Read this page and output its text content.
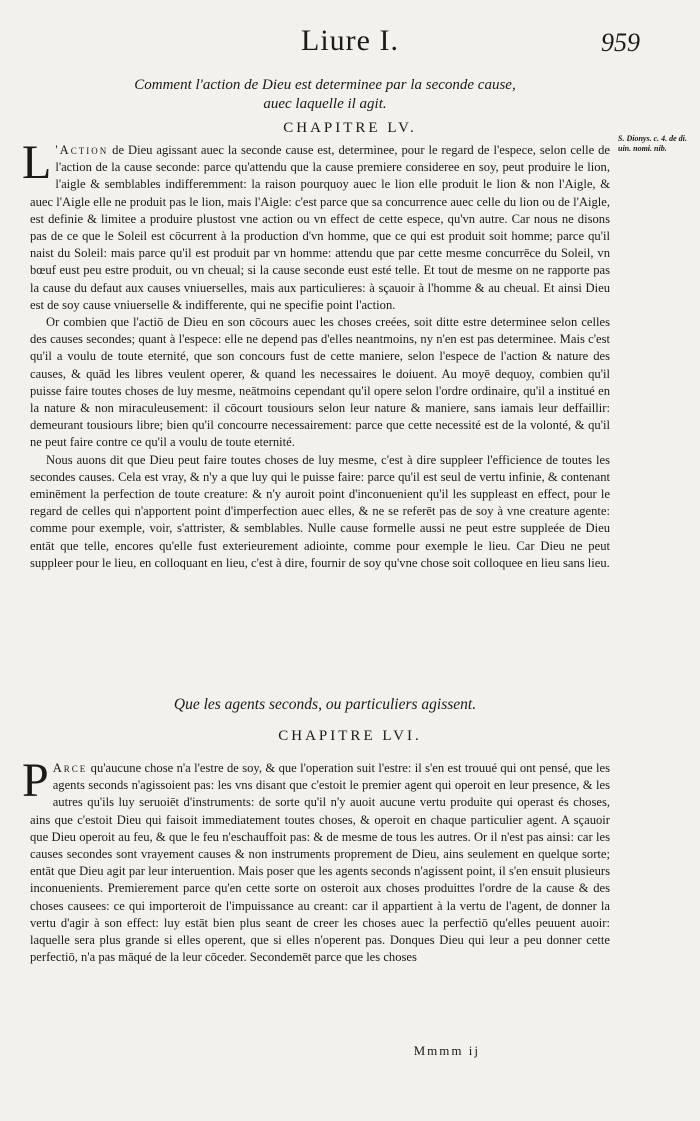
Liure I.	959
Comment l'action de Dieu est determinee par la seconde cause,
auec laquelle il agit.
CHAPITRE LV.
S. Dionys. c. 4. de di. uin. nomi. nib.

L 'Action de Dieu agissant auec la seconde cause est, determinee, pour le regard de l'espece, selon celle de l'action de la cause seconde: parce qu'attendu que la cause premiere consideree en soy, peut produire le lion, l'aigle & semblables indifferemment: la raison pourquoy auec le lion elle produit le lion & non l'Aigle, & auec l'Aigle elle ne produit pas le lion, mais l'Aigle: c'est parce que sa concurrence auec celle du lion ou de l'Aigle, est definie & limitee a produire plustost vne action ou vn effect de cette espece, qu'vn autre. Car nous ne disons pas de ce que le Soleil est cōcurrent à la production d'vn homme, que ce qui est produit soit homme; parce qu'il naist du Soleil: mais parce qu'il est produit par vn homme: attendu que par cette mesme concurrēce du Soleil, vn bœuf eust peu estre produit, ou vn cheual; si la cause seconde eust esté telle. Et tout de mesme on ne rapporte pas la cause du defaut aux causes vniuerselles, mais aux particulieres: à sçauoir à l'homme & au cheual. Et ainsi Dieu est de soy cause vniuerselle & indifferente, qui ne specifie point l'action.

Or combien que l'actiō de Dieu en son cōcours auec les choses creées, soit ditte estre determinee selon celles des causes secondes; quant à l'espece: elle ne depend pas d'elles neantmoins, ny n'en est pas determinee. Mais c'est qu'il a voulu de toute eternité, que son concours fust de cette maniere, selon l'espece de l'action & nature des causes, & quād les libres veulent operer, & quand les necessaires le doiuent. Au moyē dequoy, combien qu'il puisse faire toutes choses de luy mesme, neātmoins cependant qu'il opere selon l'ordre ordinaire, qu'il a institué en la nature & non miraculeusement: il cōcourt tousiours selon leur nature & maniere, sans iamais leur deffaillir: demeurant tousiours libre; bien qu'il concourre necessairement: parce que cette necessité est de la volonté, & qu'il ne peut faire contre ce qu'il a voulu de toute eternité.

Nous auons dit que Dieu peut faire toutes choses de luy mesme, c'est à dire suppleer l'efficience de toutes les secondes causes. Cela est vray, & n'y a que luy qui le puisse faire: parce qu'il est seul de vertu infinie, & contenant eminēment la perfection de toute creature: & n'y auroit point d'inconuenient qu'il les suppleast en effect, pour le regard de celles qui n'apportent point d'imperfection auec elles, & ne se referēt pas de soy à vne creature agente: comme pour exemple, voir, s'attrister, & semblables. Nulle cause formelle aussi ne peut estre suppleée de Dieu entāt que telle, encores qu'elle fust exterieurement adiointe, comme pour exemple le lieu. Car Dieu ne peut suppleer pour le lieu, en colloquant en lieu, c'est à dire, fournir de soy qu'vne chose soit colloquee en lieu sans lieu.

Que les agents seconds, ou particuliers agissent.
CHAPITRE LVI.

P Arce qu'aucune chose n'a l'estre de soy, & que l'operation suit l'estre: il s'en est trouué qui ont pensé, que les agents seconds n'agissoient pas: les vns disant que c'estoit le premier agent qui operoit en leur presence, & les autres qu'ils luy seruoiēt d'instruments: de sorte qu'il n'y auoit aucune vertu produite qui operast és choses, ains que c'estoit Dieu qui faisoit immediatement toutes choses, & operoit en chaque particulier agent. A sçauoir que Dieu operoit au feu, & que le feu n'eschauffoit pas: & de mesme de tous les autres. Or il n'est pas ainsi: car les causes secondes sont vrayement causes & non instruments proprement de Dieu, ains seulement en quelque sorte; entāt que Dieu agit par leur interuention. Mais poser que les agents seconds n'agissent point, il s'en ensuit plusieurs inconuenients. Premierement parce qu'en cette sorte on osteroit aux choses produittes l'ordre de la cause & des choses causees: ce qui importeroit de l'impuissance au creant: car il appartient à la vertu de l'agent, de donner la vertu d'agir à son effect: luy estāt bien plus seant de creer les choses auec la perfectiō qu'elles peuuent auoir: laquelle sera plus grande si elles operent, que si elles n'operent pas. Donques Dieu qui leur a peu donner cette perfectiō, n'a pas māqué de la leur cōceder. Secondemēt parce que les choses

Mmmm ij
